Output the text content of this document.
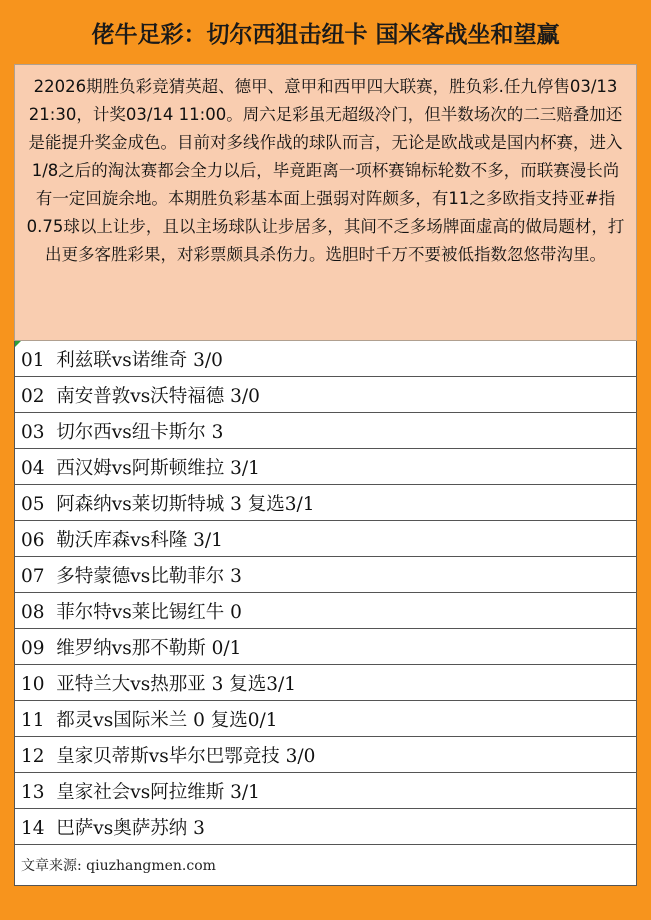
佬牛足彩：切尔西狙击纽卡 国米客战坐和望赢
22026期胜负彩竞猜英超、德甲、意甲和西甲四大联赛，胜负彩.任九停售03/13 21:30，计奖03/14 11:00。周六足彩虽无超级冷门，但半数场次的二三赔叠加还是能提升奖金成色。目前对多线作战的球队而言，无论是欧战或是国内杯赛，进入1/8之后的淘汰赛都会全力以后，毕竟距离一项杯赛锦标轮数不多，而联赛漫长尚有一定回旋余地。本期胜负彩基本面上强弱对阵颇多，有11之多欧指支持亚#指0.75球以上让步，且以主场球队让步居多，其间不乏多场牌面虚高的做局题材，打出更多客胜彩果，对彩票颇具杀伤力。选胆时千万不要被低指数忽悠带沟里。
01  利兹联vs诺维奇 3/0
02  南安普敦vs沃特福德 3/0
03  切尔西vs纽卡斯尔 3
04  西汉姆vs阿斯顿维拉 3/1
05  阿森纳vs莱切斯特城 3 复选3/1
06  勒沃库森vs科隆 3/1
07  多特蒙德vs比勒菲尔 3
08  菲尔特vs莱比锡红牛 0
09  维罗纳vs那不勒斯 0/1
10  亚特兰大vs热那亚 3 复选3/1
11  都灵vs国际米兰 0 复选0/1
12  皇家贝蒂斯vs毕尔巴鄂竞技 3/0
13  皇家社会vs阿拉维斯 3/1
14  巴萨vs奥萨苏纳 3
文章来源: qiuzhangmen.com
